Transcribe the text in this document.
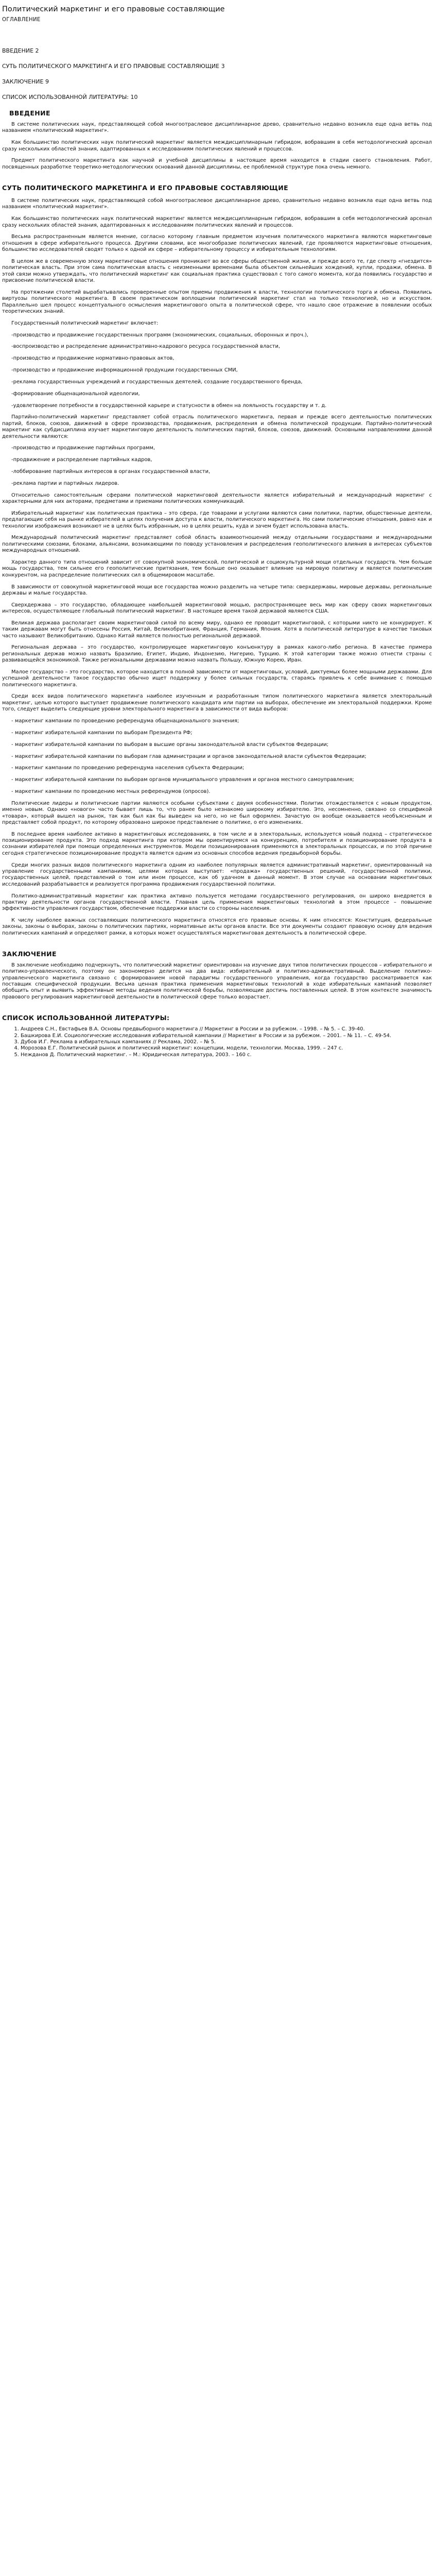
Политический маркетинг и его правовые составляющие
ОГЛАВЛЕНИЕ
ВВЕДЕНИЕ 2
СУТЬ ПОЛИТИЧЕСКОГО МАРКЕТИНГА И ЕГО ПРАВОВЫЕ СОСТАВЛЯЮЩИЕ 3
ЗАКЛЮЧЕНИЕ 9
СПИСОК ИСПОЛЬЗОВАННОЙ ЛИТЕРАТУРЫ: 10
ВВЕДЕНИЕ

В системе политических наук, представляющей собой многоотраслевое дисциплинарное древо, сравнительно недавно возникла еще одна ветвь под названием «политический маркетинг».

Как большинство политических наук политический маркетинг является междисциплинарным гибридом, вобравшим в себя методологический арсенал сразу нескольких областей знания, адаптированных к исследованиям политических явлений и процессов.

Предмет политического маркетинга как научной и учебной дисциплины в настоящее время находится в стадии своего становления. Работ, посвященных разработке теоретико-методологических оснований данной дисциплины, ее проблемной структуре пока очень немного.

СУТЬ ПОЛИТИЧЕСКОГО МАРКЕТИНГА И ЕГО ПРАВОВЫЕ СОСТАВЛЯЮЩИЕ

В системе политических наук, представляющей собой многоотраслевое дисциплинарное древо, сравнительно недавно возникла еще одна ветвь под названием «политический маркетинг».

Как большинство политических наук политический маркетинг является междисциплинарным гибридом, вобравшим в себя методологический арсенал сразу нескольких областей знания, адаптированных к исследованиям политических явлений и процессов.

Весьма распространенным является мнение, согласно которому главным предметом изучения политического маркетинга являются маркетинговые отношения в сфере избирательного процесса. Другими словами, все многообразие политических явлений, где проявляются маркетинговые отношения, большинство исследователей сводят только к одной их сфере – избирательному процессу и избирательным технологиям.

В целом же в современную эпоху маркетинговые отношения проникают во все сферы общественной жизни, и прежде всего те, где спектр «гнездится» политическая власть. При этом сама политическая власть с неизменными временами была объектом сильнейших хождений, купли, продажи, обмена. В этой связи можно утверждать, что политический маркетинг как социальная практика существовал с того самого момента, когда появились государство и присвоение политической власти.

На протяжении столетий вырабатывались проверенные опытом приемы продвижения к власти, технологии политического торга и обмена. Появились виртуозы политического маркетинга. В своем практическом воплощении политический маркетинг стал на только технологией, но и искусством. Параллельно шел процесс концептуального осмысления маркетингового опыта в политической сфере, что нашло свое отражение в появлении особых теоретических знаний.

Государственный политический маркетинг включает:

-производство и продвижение государственных программ (экономических, социальных, оборонных и проч.),

-воспроизводство и распределение административно-кадрового ресурса государственной власти,

-производство и продвижение нормативно-правовых актов,

-производство и продвижение информационной продукции государственных СМИ,

-реклама государственных учреждений и государственных деятелей, создание государственного бренда,

-формирование общенациональной идеологии,

-удовлетворение потребности в государственной карьере и статусности в обмен на лояльность государству и т. д.

Партийно-политический маркетинг представляет собой отрасль политического маркетинга, первая и прежде всего деятельностью политических партий, блоков, союзов, движений в сфере производства, продвижения, распределения и обмена политической продукции. Партийно-политический маркетинг как субдисциплина изучает маркетинговую деятельность политических партий, блоков, союзов, движений. Основными направлениями данной деятельности являются:

-производство и продвижение партийных программ,

-продвижение и распределение партийных кадров,

-лоббирование партийных интересов в органах государственной власти,

-реклама партии и партийных лидеров.

Относительно самостоятельным сферами политической маркетинговой деятельности является избирательный и международный маркетинг с характерными для них акторами, предметами и приемами политических коммуникаций.

Избирательный маркетинг как политическая практика – это сфера, где товарами и услугами являются сами политики, партии, общественные деятели, предлагающие себя на рынке избирателей в целях получения доступа к власти, политического маркетинга. Но сами политические отношения, равно как и технологии изображения возникают не в целях быть избранным, но в целях решить, куда и зачем будет использована власть.

Международный политический маркетинг представляет собой область взаимоотношений между отдельными государствами и международными политическими союзами, блоками, альянсами, возникающими по поводу установления и распределения геополитического влияния в интересах субъектов международных отношений.

Характер данного типа отношений зависит от совокупной экономической, политической и социокультурной мощи отдельных государств. Чем больше мощь государства, тем сильнее его геополитические притязания, тем больше оно оказывает влияние на мировую политику и является политическим конкурентом, на распределение политических сил в общемировом масштабе.

В зависимости от совокупной маркетинговой мощи все государства можно разделить на четыре типа: сверхдержавы, мировые державы, региональные державы и малые государства.

Сверхдержава – это государство, обладающее наибольшей маркетинговой мощью, распространяющее весь мир как сферу своих маркетинговых интересов, осуществляющее глобальный политический маркетинг. В настоящее время такой державой являются США.

Великая держава располагает своим маркетинговой силой по всему миру, однако ее проводит маркетинговой, с которыми никто не конкурирует. К таким державам могут быть отнесены Россия, Китай, Великобритания, Франция, Германия, Япония. Хотя в политической литературе в качестве таковых часто называют Великобританию. Однако Китай является полностью региональной державой.

Региональная держава – это государство, контролирующее маркетинговую конъюнктуру в рамках какого-либо региона. В качестве примера региональных держав можно назвать Бразилию, Египет, Индию, Индонезию, Нигерию, Турцию. К этой категории также можно отнести страны с развивающейся экономикой. Также региональными державами можно назвать Польшу, Южную Корею, Иран.

Малое государство – это государство, которое находится в полной зависимости от маркетинговых, условий, диктуемых более мощными державами. Для успешной деятельности такое государство обычно ищет поддержку у более сильных государств, стараясь привлечь к себе внимание с помощью политического маркетинга.

Среди всех видов политического маркетинга наиболее изученным и разработанным типом политического маркетинга является электоральный маркетинг, целью которого выступает продвижение политического кандидата или партии на выборах, обеспечение им электоральной поддержки. Кроме того, следует выделить следующие уровни электорального маркетинга в зависимости от вида выборов:

- маркетинг кампании по проведению референдума общенационального значения;

- маркетинг избирательной кампании по выборам Президента РФ;

- маркетинг избирательной кампании по выборам в высшие органы законодательной власти субъектов Федерации;

- маркетинг избирательной кампании по выборам глав администрации и органов законодательной власти субъектов Федерации;

- маркетинг кампании по проведению референдума населения субъекта Федерации;

- маркетинг избирательной кампании по выборам органов муниципального управления и органов местного самоуправления;

- маркетинг кампании по проведению местных референдумов (опросов).

Политические лидеры и политические партии являются особыми субъектами с двумя особенностями. Политик отождествляется с новым продуктом, именно новым. Однако «нового» часто бывает лишь то, что ранее было незнакомо широкому избирателю. Это, несомненно, связано со спецификой «товара», который вышел на рынок, так как был как бы выведен на него, но не был оформлен. Зачастую он вообще оказывается необъясненным и представляет собой продукт, по которому образовано широкое представление о политике, о его изменениях.

В последнее время наиболее активно в маркетинговых исследованиях, в том числе и в электоральных, используется новый подход – стратегическое позиционирование продукта. Это подход маркетинга при котором мы ориентируемся на конкуренцию, потребителя и позиционирование продукта в сознании избирателей при помощи определенных инструментов. Модели позиционирования применяются в электоральных процессах, и по этой причине сегодня стратегическое позиционирование продукта является одним из основных способов ведения предвыборной борьбы.

Среди многих разных видов политического маркетинга одним из наиболее популярных является административный маркетинг, ориентированный на управление государственными кампаниями, целями которых выступает: «продажа» государственных решений, государственной политики, государственных целей, представлений о том или ином процессе, как об удачном в данный момент. В этом случае на основании маркетинговых исследований разрабатывается и реализуется программа продвижения государственной политики.

Политико-административный маркетинг как практика активно пользуется методами государственного регулирования, он широко внедряется в практику деятельности органов государственной власти. Главная цель применения маркетинговых технологий в этом процессе – повышение эффективности управления государством, обеспечение поддержки власти со стороны населения.

К числу наиболее важных составляющих политического маркетинга относятся его правовые основы. К ним относятся: Конституция, федеральные законы, законы о выборах, законы о политических партиях, нормативные акты органов власти. Все эти документы создают правовую основу для ведения политических кампаний и определяют рамки, в которых может осуществляться маркетинговая деятельность в политической сфере.

ЗАКЛЮЧЕНИЕ

В заключение необходимо подчеркнуть, что политический маркетинг ориентирован на изучение двух типов политических процессов – избирательного и политико-управленческого, поэтому он закономерно делится на два вида: избирательный и политико-административный. Выделение политико-управленческого маркетинга связано с формированием новой парадигмы государственного управления, когда государство рассматривается как поставщик специфической продукции. Весьма ценная практика применения маркетинговых технологий в ходе избирательных кампаний позволяет обобщить опыт и выявить эффективные методы ведения политической борьбы, позволяющие достичь поставленных целей. В этом контексте значимость правового регулирования маркетинговой деятельности в политической сфере только возрастает.

СПИСОК ИСПОЛЬЗОВАННОЙ ЛИТЕРАТУРЫ:
1. Андреев С.Н., Евстафьев В.А. Основы предвыборного маркетинга // Маркетинг в России и за рубежом. – 1998. – № 5. – С. 39-40.
2. Башкирова Е.И. Социологические исследования избирательной кампании // Маркетинг в России и за рубежом. – 2001. – № 11. – С. 49-54.
3. Дубов И.Г. Реклама в избирательных кампаниях // Реклама, 2002. – № 5.
4. Морозова Е.Г. Политический рынок и политический маркетинг: концепции, модели, технологии. Москва, 1999. – 247 с.
5. Нежданов Д. Политический маркетинг. – М.: Юридическая литература, 2003. – 160 с.
